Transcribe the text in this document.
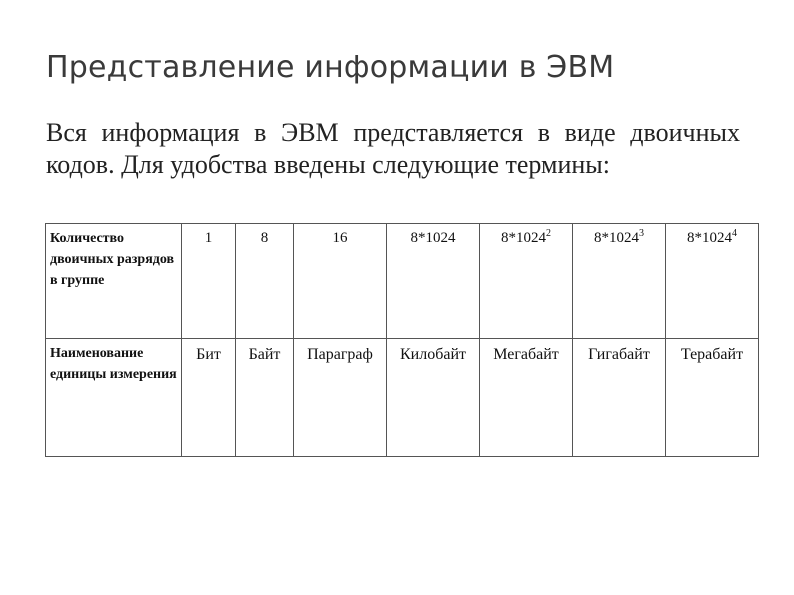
Представление информации в ЭВМ

Вся информация в ЭВМ представляется в виде двоичных кодов. Для удобства введены следующие термины:

Количество двоичных разрядов в группе	1	8	16	8*1024	8*1024$^2$	8*1024$^3$	8*1024$^4$
Наименование единицы измерения	Бит	Байт	Параграф	Килобайт	Мегабайт	Гигабайт	Терабайт
